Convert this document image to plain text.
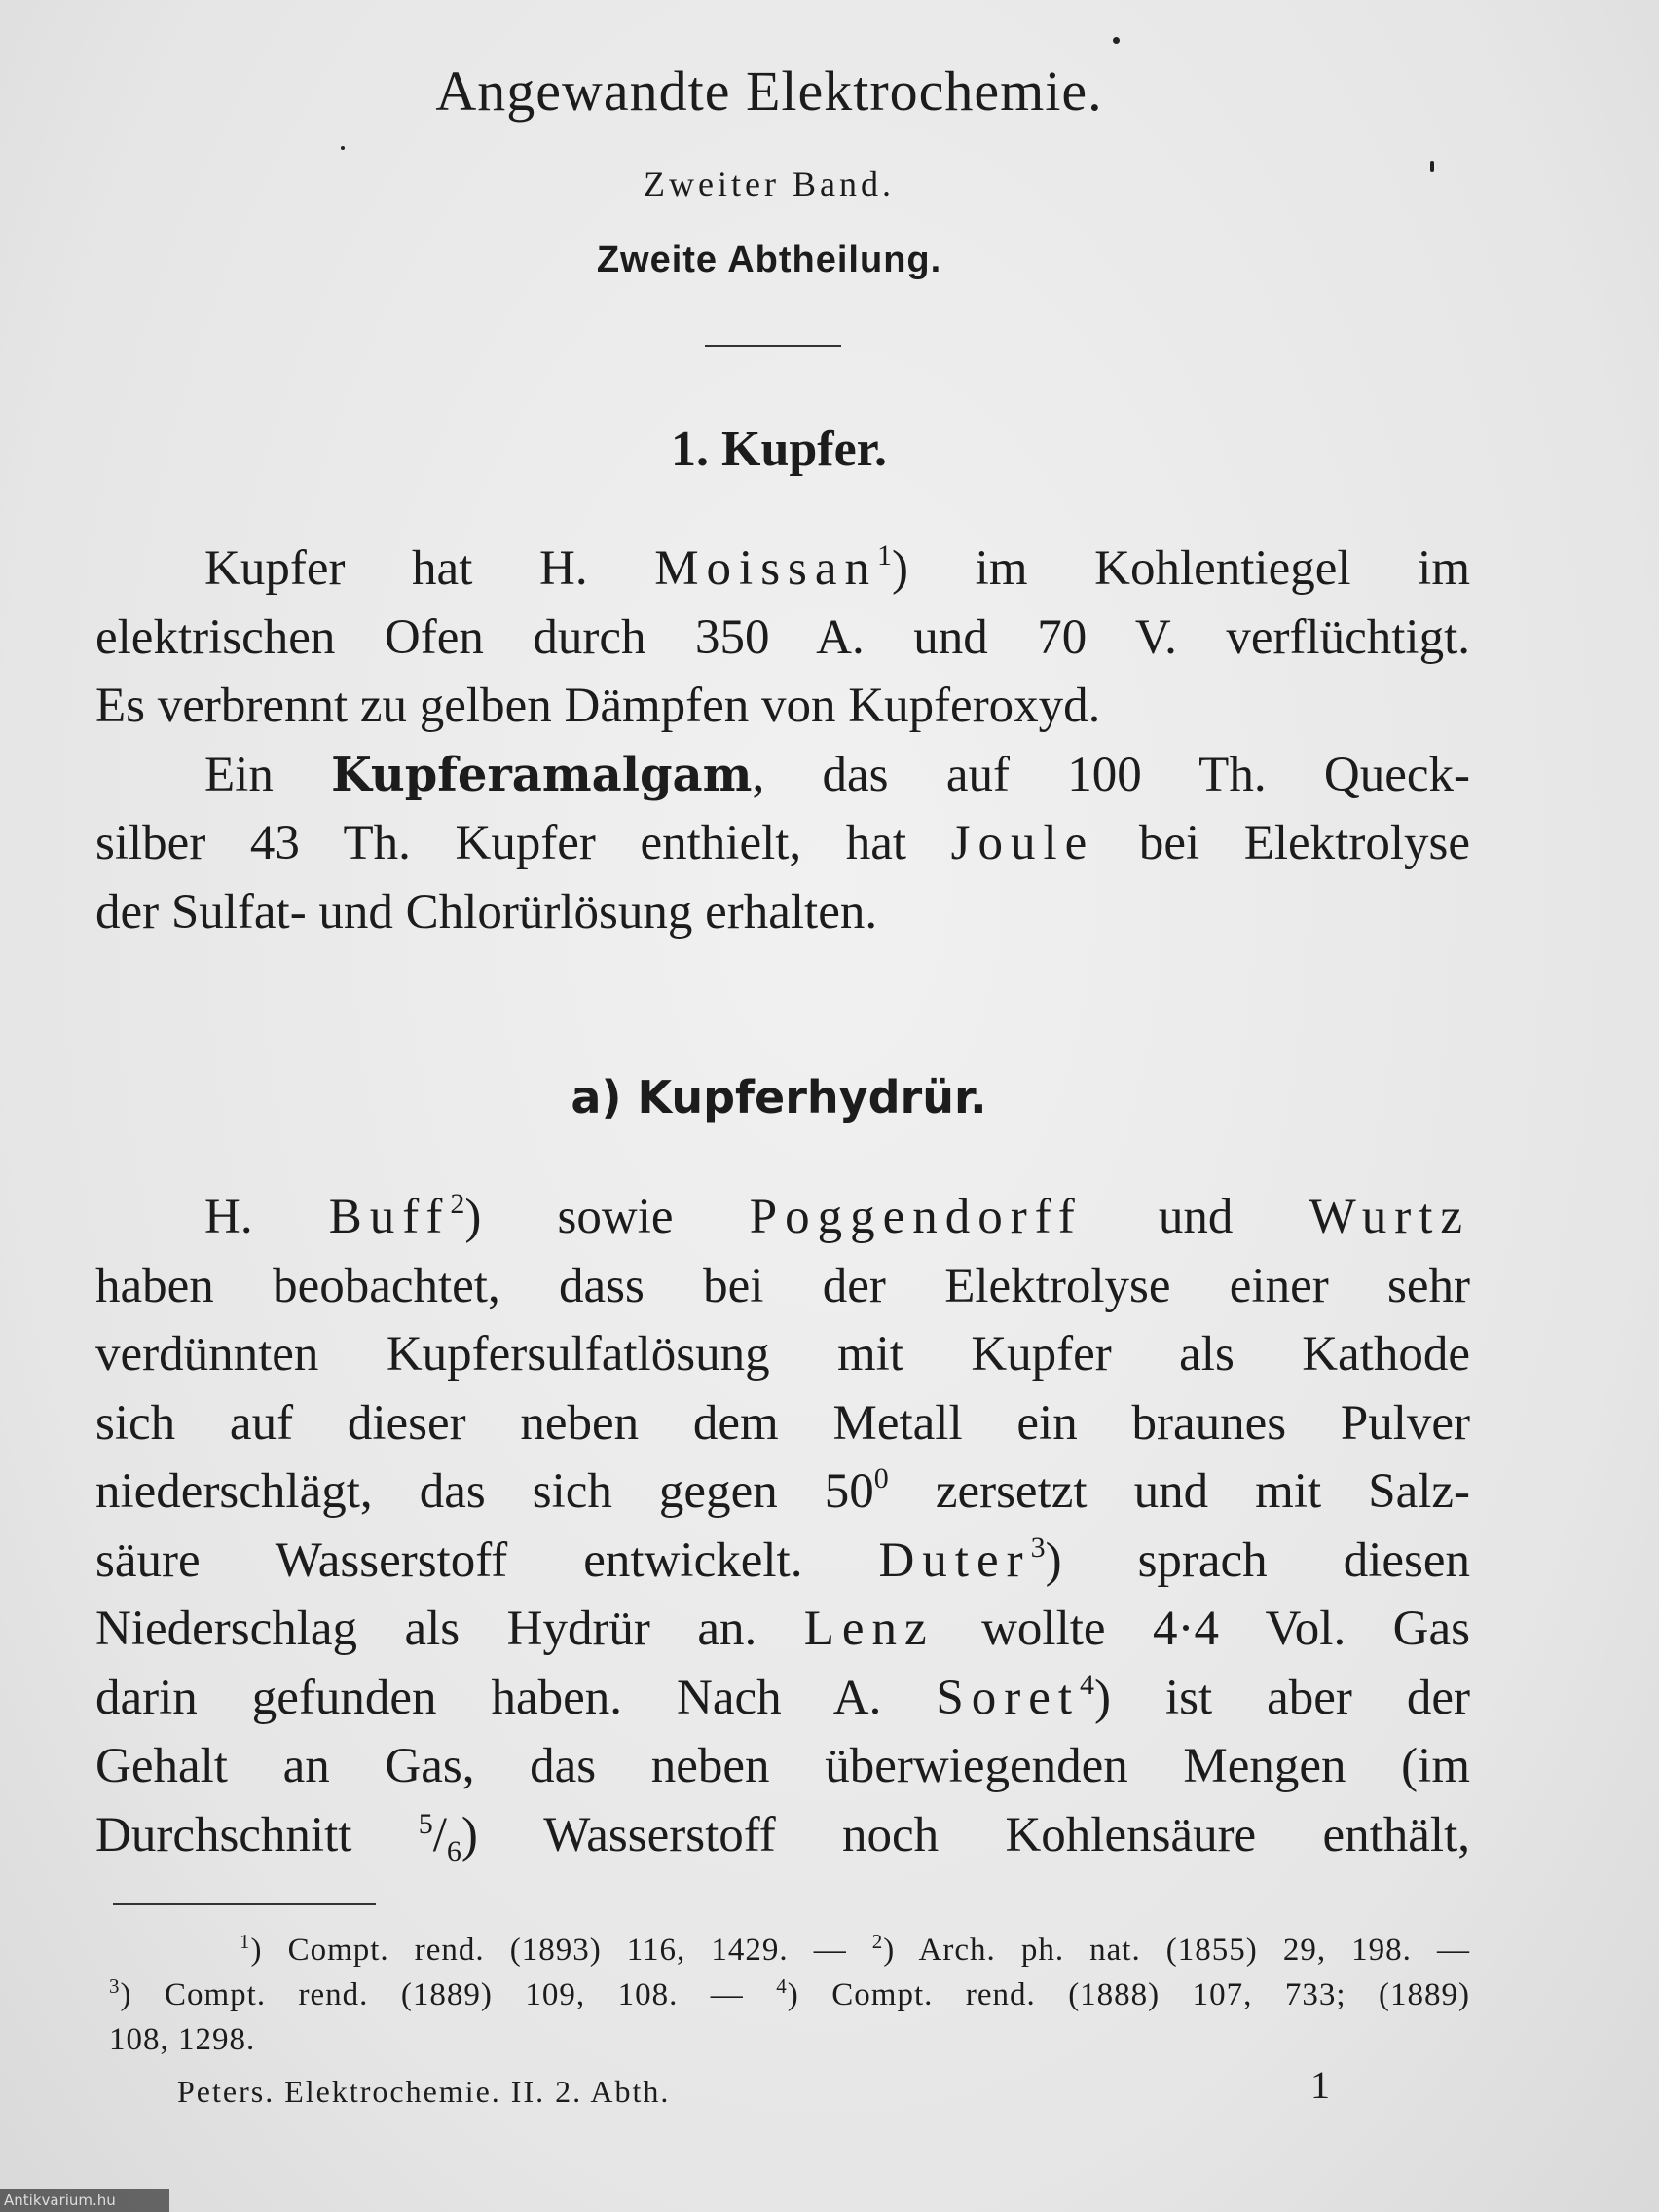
Angewandte Elektrochemie.
Zweiter Band.
Zweite Abtheilung.
1. Kupfer.
Kupfer hat H. Moissan$^1$) im Kohlentiegel im
elektrischen Ofen durch 350 A. und 70 V. verflüchtigt.
Es verbrennt zu gelben Dämpfen von Kupferoxyd.
Ein Kupferamalgam, das auf 100 Th. Queck-
silber 43 Th. Kupfer enthielt, hat Joule bei Elektrolyse
der Sulfat- und Chlorürlösung erhalten.
a) Kupferhydrür.
H. Buff$^2$) sowie Poggendorff und Wurtz
haben beobachtet, dass bei der Elektrolyse einer sehr
verdünnten Kupfersulfatlösung mit Kupfer als Kathode
sich auf dieser neben dem Metall ein braunes Pulver
niederschlägt, das sich gegen $50^0$ zersetzt und mit Salz-
säure Wasserstoff entwickelt. Duter$^3$) sprach diesen
Niederschlag als Hydrür an. Lenz wollte 4·4 Vol. Gas
darin gefunden haben. Nach A. Soret$^4$) ist aber der
Gehalt an Gas, das neben überwiegenden Mengen (im
Durchschnitt $^5$/6) Wasserstoff noch Kohlensäure enthält,
$^1$) Compt. rend. (1893) 116, 1429. — $^2$) Arch. ph. nat. (1855) 29, 198. —
$^3$) Compt. rend. (1889) 109, 108. — $^4$) Compt. rend. (1888) 107, 733; (1889)
108, 1298.
Peters. Elektrochemie. II. 2. Abth.	1
Antikvarium.hu
